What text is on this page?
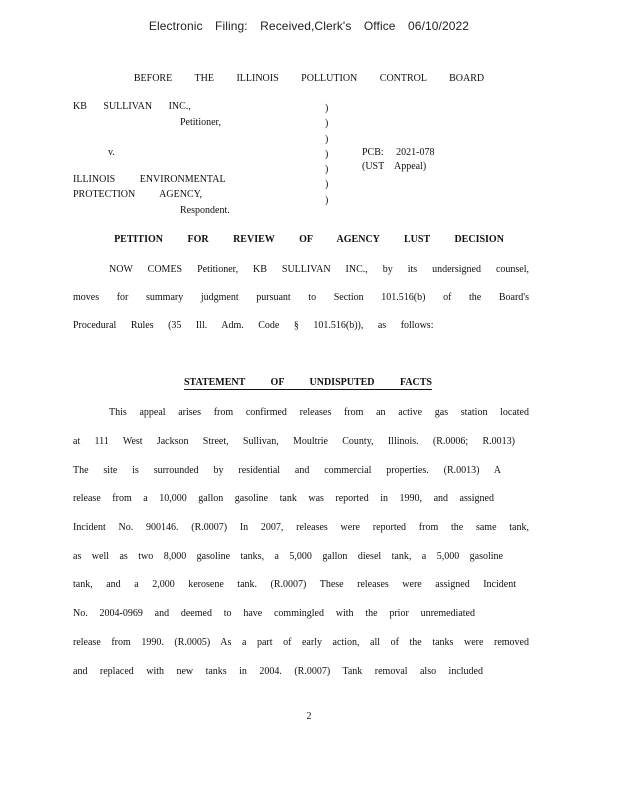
Electronic Filing: Received,Clerk's Office 06/10/2022
BEFORE THE ILLINOIS POLLUTION CONTROL BOARD
KB SULLIVAN INC.,
Petitioner,
v.
ILLINOIS ENVIRONMENTAL
PROTECTION AGENCY,
Respondent.
)
)
)
)
)
)
)
PCB: 2021-078
(UST Appeal)
PETITION FOR REVIEW OF AGENCY LUST DECISION
NOW COMES Petitioner, KB SULLIVAN INC., by its undersigned counsel,
moves for summary judgment pursuant to Section 101.516(b) of the Board's
Procedural Rules (35 Ill. Adm. Code § 101.516(b)), as follows:
STATEMENT OF UNDISPUTED FACTS
This appeal arises from confirmed releases from an active gas station located
at 111 West Jackson Street, Sullivan, Moultrie County, Illinois. (R.0006; R.0013)
The site is surrounded by residential and commercial properties. (R.0013) A
release from a 10,000 gallon gasoline tank was reported in 1990, and assigned
Incident No. 900146. (R.0007) In 2007, releases were reported from the same tank,
as well as two 8,000 gasoline tanks, a 5,000 gallon diesel tank, a 5,000 gasoline
tank, and a 2,000 kerosene tank. (R.0007) These releases were assigned Incident
No. 2004-0969 and deemed to have commingled with the prior unremediated
release from 1990. (R.0005) As a part of early action, all of the tanks were removed
and replaced with new tanks in 2004. (R.0007) Tank removal also included
2
